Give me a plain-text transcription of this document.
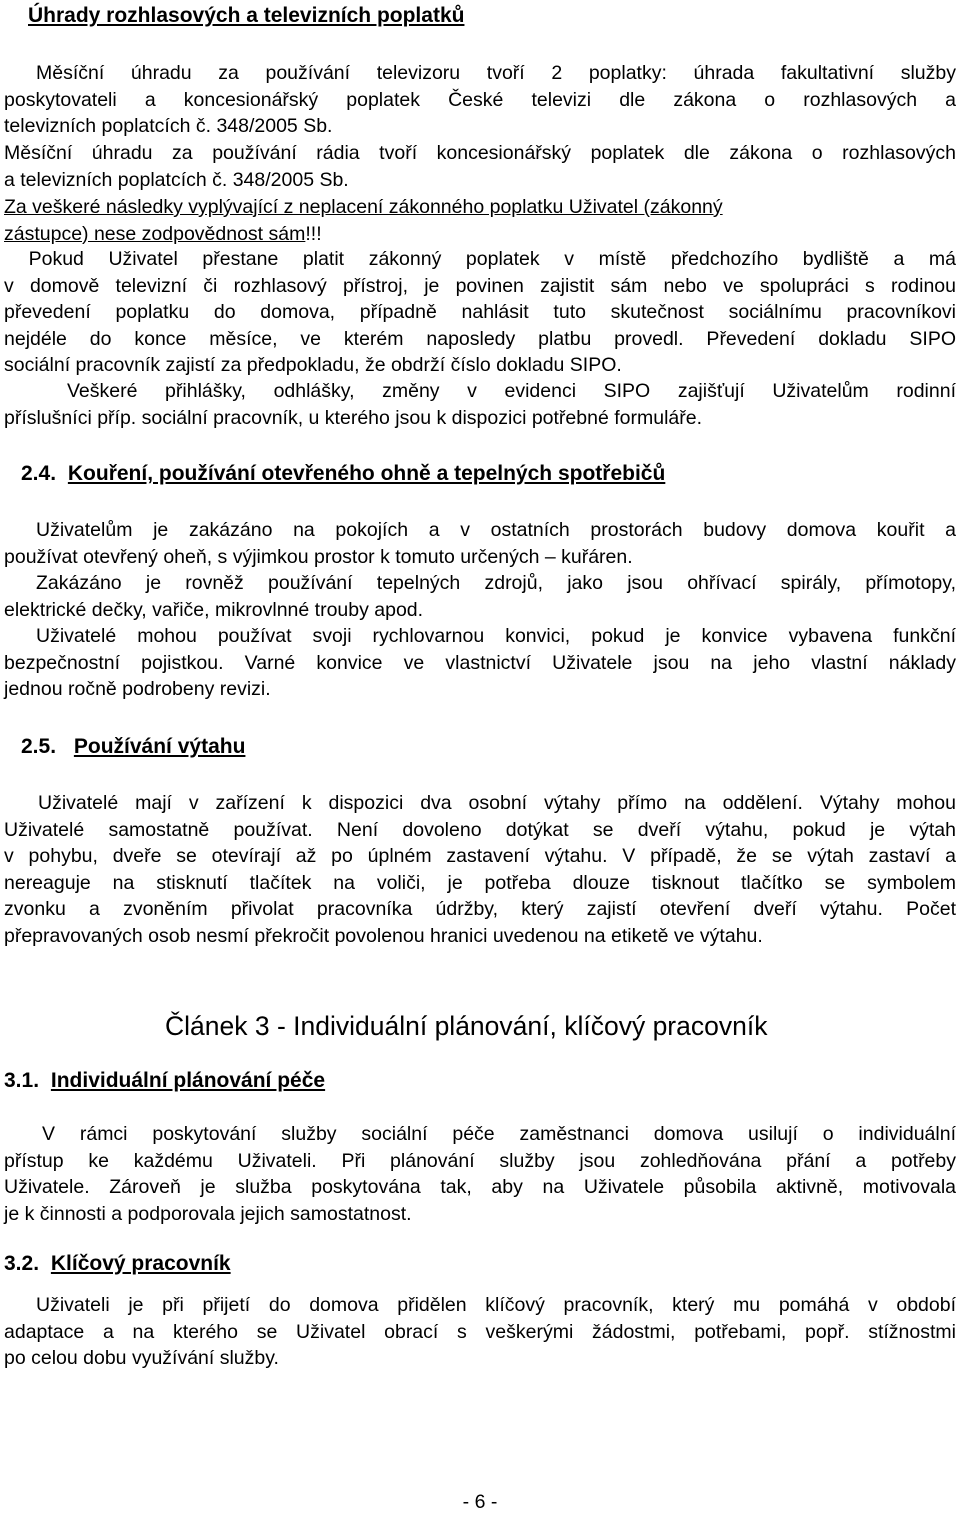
Úhrady rozhlasových a televizních poplatků
Měsíční úhradu za používání televizoru tvoří 2 poplatky: úhrada fakultativní služby
poskytovateli a koncesionářský poplatek České televizi dle zákona o rozhlasových a
televizních poplatcích č. 348/2005 Sb.
Měsíční úhradu za používání rádia tvoří koncesionářský poplatek dle zákona o rozhlasových
a televizních poplatcích č. 348/2005 Sb.
Za veškeré následky vyplývající z neplacení zákonného poplatku Uživatel (zákonný
zástupce) nese zodpovědnost sám!!!
Pokud Uživatel přestane platit zákonný poplatek v místě předchozího bydliště a má
v domově televizní či rozhlasový přístroj, je povinen zajistit sám nebo ve spolupráci s rodinou
převedení poplatku do domova, případně nahlásit tuto skutečnost sociálnímu pracovníkovi
nejdéle do konce měsíce, ve kterém naposledy platbu provedl. Převedení dokladu SIPO
sociální pracovník zajistí za předpokladu, že obdrží číslo dokladu SIPO.
Veškeré přihlášky, odhlášky, změny v evidenci SIPO zajišťují Uživatelům rodinní
příslušníci příp. sociální pracovník, u kterého jsou k dispozici potřebné formuláře.
2.4. Kouření, používání otevřeného ohně a tepelných spotřebičů
Uživatelům je zakázáno na pokojích a v ostatních prostorách budovy domova kouřit a
používat otevřený oheň, s výjimkou prostor k tomuto určených – kuřáren.
Zakázáno je rovněž používání tepelných zdrojů, jako jsou ohřívací spirály, přímotopy,
elektrické dečky, vařiče, mikrovlnné trouby apod.
Uživatelé mohou používat svoji rychlovarnou konvici, pokud je konvice vybavena funkční
bezpečnostní pojistkou. Varné konvice ve vlastnictví Uživatele jsou na jeho vlastní náklady
jednou ročně podrobeny revizi.
2.5. Používání výtahu
Uživatelé mají v zařízení k dispozici dva osobní výtahy přímo na oddělení. Výtahy mohou
Uživatelé samostatně používat. Není dovoleno dotýkat se dveří výtahu, pokud je výtah
v pohybu, dveře se otevírají až po úplném zastavení výtahu. V případě, že se výtah zastaví a
nereaguje na stisknutí tlačítek na voliči, je potřeba dlouze tisknout tlačítko se symbolem
zvonku a zvoněním přivolat pracovníka údržby, který zajistí otevření dveří výtahu. Počet
přepravovaných osob nesmí překročit povolenou hranici uvedenou na etiketě ve výtahu.
Článek 3 - Individuální plánování, klíčový pracovník
3.1. Individuální plánování péče
V rámci poskytování služby sociální péče zaměstnanci domova usilují o individuální
přístup ke každému Uživateli. Při plánování služby jsou zohledňována přání a potřeby
Uživatele. Zároveň je služba poskytována tak, aby na Uživatele působila aktivně, motivovala
je k činnosti a podporovala jejich samostatnost.
3.2. Klíčový pracovník
Uživateli je při přijetí do domova přidělen klíčový pracovník, který mu pomáhá v období
adaptace a na kterého se Uživatel obrací s veškerými žádostmi, potřebami, popř. stížnostmi
po celou dobu využívání služby.
- 6 -
